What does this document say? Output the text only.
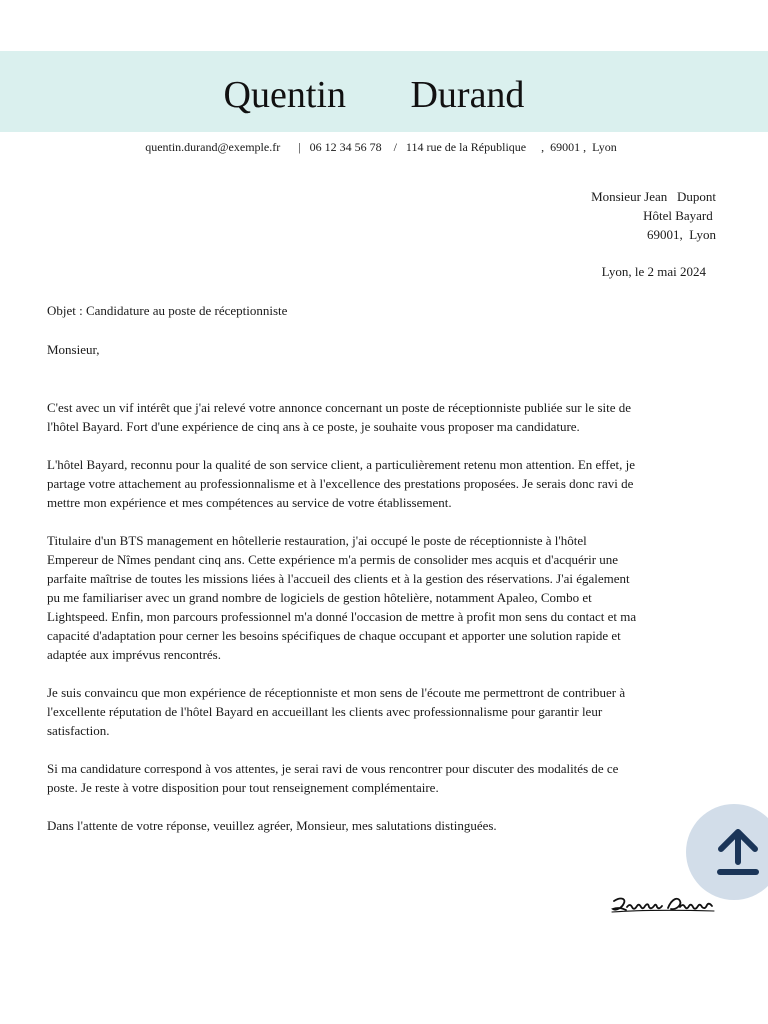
Quentin   Durand
quentin.durand@exemple.fr      |   06 12 34 56 78    /   114 rue de la République     ,  69001 ,  Lyon
Monsieur Jean   Dupont
Hôtel Bayard
69001,  Lyon
Lyon, le 2 mai 2024
Objet : Candidature au poste de réceptionniste
Monsieur,

C'est avec un vif intérêt que j'ai relevé votre annonce concernant un poste de réceptionniste publiée sur le site de l'hôtel Bayard. Fort d'une expérience de cinq ans à ce poste, je souhaite vous proposer ma candidature.

L'hôtel Bayard, reconnu pour la qualité de son service client, a particulièrement retenu mon attention. En effet, je partage votre attachement au professionnalisme et à l'excellence des prestations proposées. Je serais donc ravi de mettre mon expérience et mes compétences au service de votre établissement.

Titulaire d'un BTS management en hôtellerie restauration, j'ai occupé le poste de réceptionniste à l'hôtel Empereur de Nîmes pendant cinq ans. Cette expérience m'a permis de consolider mes acquis et d'acquérir une parfaite maîtrise de toutes les missions liées à l'accueil des clients et à la gestion des réservations. J'ai également pu me familiariser avec un grand nombre de logiciels de gestion hôtelière, notamment Apaleo, Combo et Lightspeed. Enfin, mon parcours professionnel m'a donné l'occasion de mettre à profit mon sens du contact et ma capacité d'adaptation pour cerner les besoins spécifiques de chaque occupant et apporter une solution rapide et adaptée aux imprévus rencontrés.

Je suis convaincu que mon expérience de réceptionniste et mon sens de l'écoute me permettront de contribuer à l'excellente réputation de l'hôtel Bayard en accueillant les clients avec professionnalisme pour garantir leur satisfaction.

Si ma candidature correspond à vos attentes, je serai ravi de vous rencontrer pour discuter des modalités de ce poste. Je reste à votre disposition pour tout renseignement complémentaire.

Dans l'attente de votre réponse, veuillez agréer, Monsieur, mes salutations distinguées.
